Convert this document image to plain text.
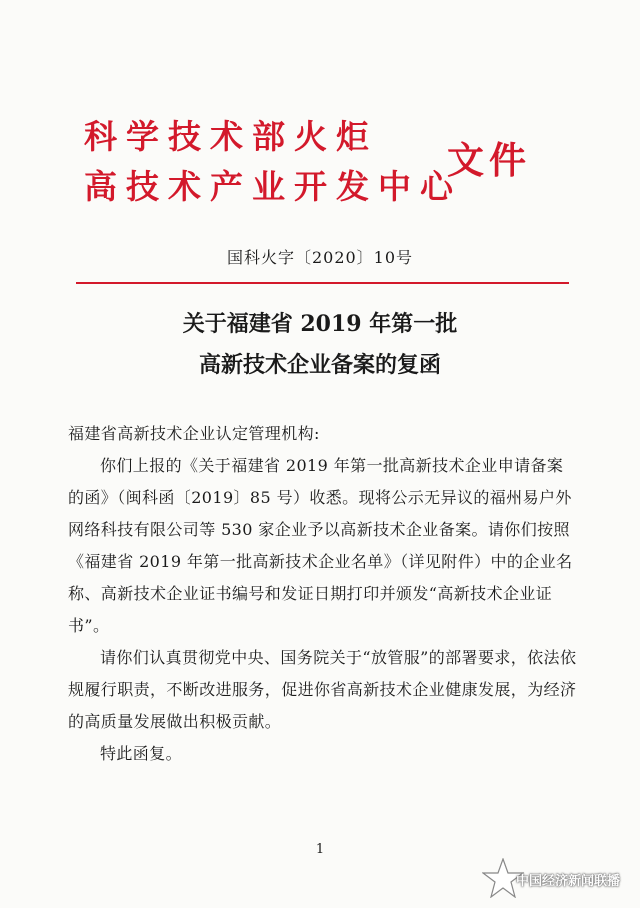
科学技术部火炬
高技术产业开发中心
文件
国科火字〔2020〕10号
关于福建省 2019 年第一批
高新技术企业备案的复函

福建省高新技术企业认定管理机构:

你们上报的《关于福建省 2019 年第一批高新技术企业申请备案的函》（闽科函〔2019〕85 号）收悉。现将公示无异议的福州易户外网络科技有限公司等 530 家企业予以高新技术企业备案。请你们按照《福建省 2019 年第一批高新技术企业名单》（详见附件）中的企业名称、高新技术企业证书编号和发证日期打印并颁发“高新技术企业证书”。

请你们认真贯彻党中央、国务院关于“放管服”的部署要求，依法依规履行职责，不断改进服务，促进你省高新技术企业健康发展，为经济的高质量发展做出积极贡献。

特此函复。

1
中国经济新闻联播
